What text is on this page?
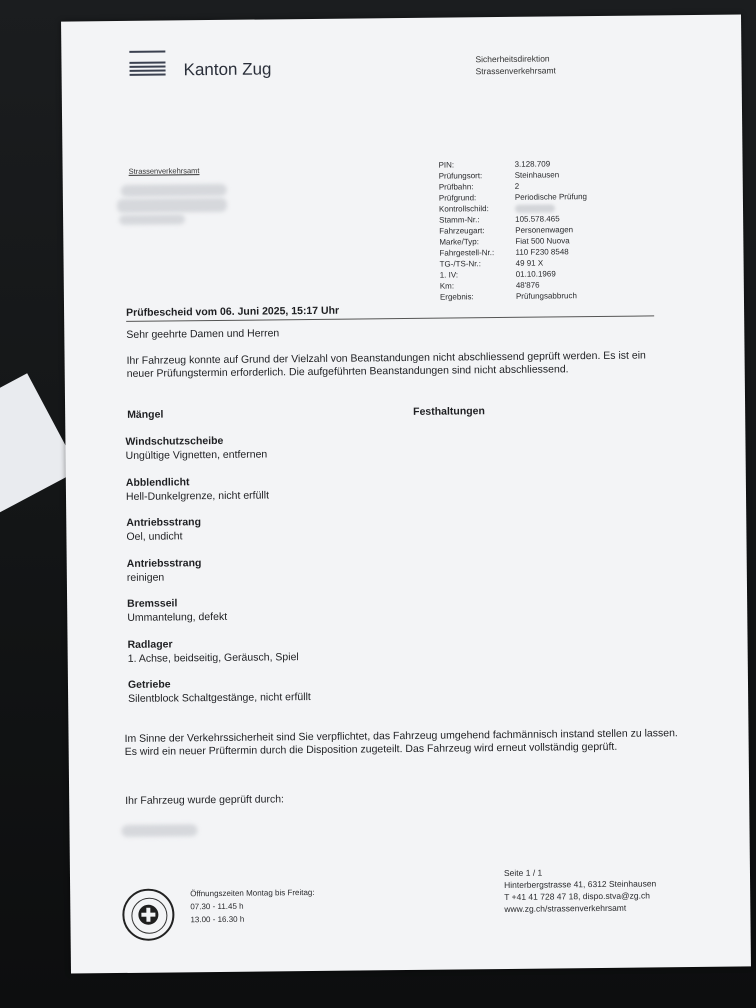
Kanton Zug
Sicherheitsdirektion
Strassenverkehrsamt
Strassenverkehrsamt
PIN:	3.128.709
Prüfungsort:	Steinhausen
Prüfbahn:	2
Prüfgrund:	Periodische Prüfung
Kontrollschild:
Stamm-Nr.:	105.578.465
Fahrzeugart:	Personenwagen
Marke/Typ:	Fiat 500 Nuova
Fahrgestell-Nr.:	110 F230 8548
TG-/TS-Nr.:	49 91 X
1. IV:	01.10.1969
Km:	48'876
Ergebnis:	Prüfungsabbruch
Prüfbescheid vom 06. Juni 2025, 15:17 Uhr
Sehr geehrte Damen und Herren
Ihr Fahrzeug konnte auf Grund der Vielzahl von Beanstandungen nicht abschliessend geprüft werden. Es ist ein neuer Prüfungstermin erforderlich. Die aufgeführten Beanstandungen sind nicht abschliessend.
Mängel	Festhaltungen
Windschutzscheibe
Ungültige Vignetten, entfernen
Abblendlicht
Hell-Dunkelgrenze, nicht erfüllt
Antriebsstrang
Oel, undicht
Antriebsstrang
reinigen
Bremsseil
Ummantelung, defekt
Radlager
1. Achse, beidseitig, Geräusch, Spiel
Getriebe
Silentblock Schaltgestänge, nicht erfüllt
Im Sinne der Verkehrssicherheit sind Sie verpflichtet, das Fahrzeug umgehend fachmännisch instand stellen zu lassen. Es wird ein neuer Prüftermin durch die Disposition zugeteilt. Das Fahrzeug wird erneut vollständig geprüft.
Ihr Fahrzeug wurde geprüft durch:
Öffnungszeiten Montag bis Freitag:
07.30 - 11.45 h
13.00 - 16.30 h
Seite 1 / 1
Hinterbergstrasse 41, 6312 Steinhausen
T +41 41 728 47 18, dispo.stva@zg.ch
www.zg.ch/strassenverkehrsamt
